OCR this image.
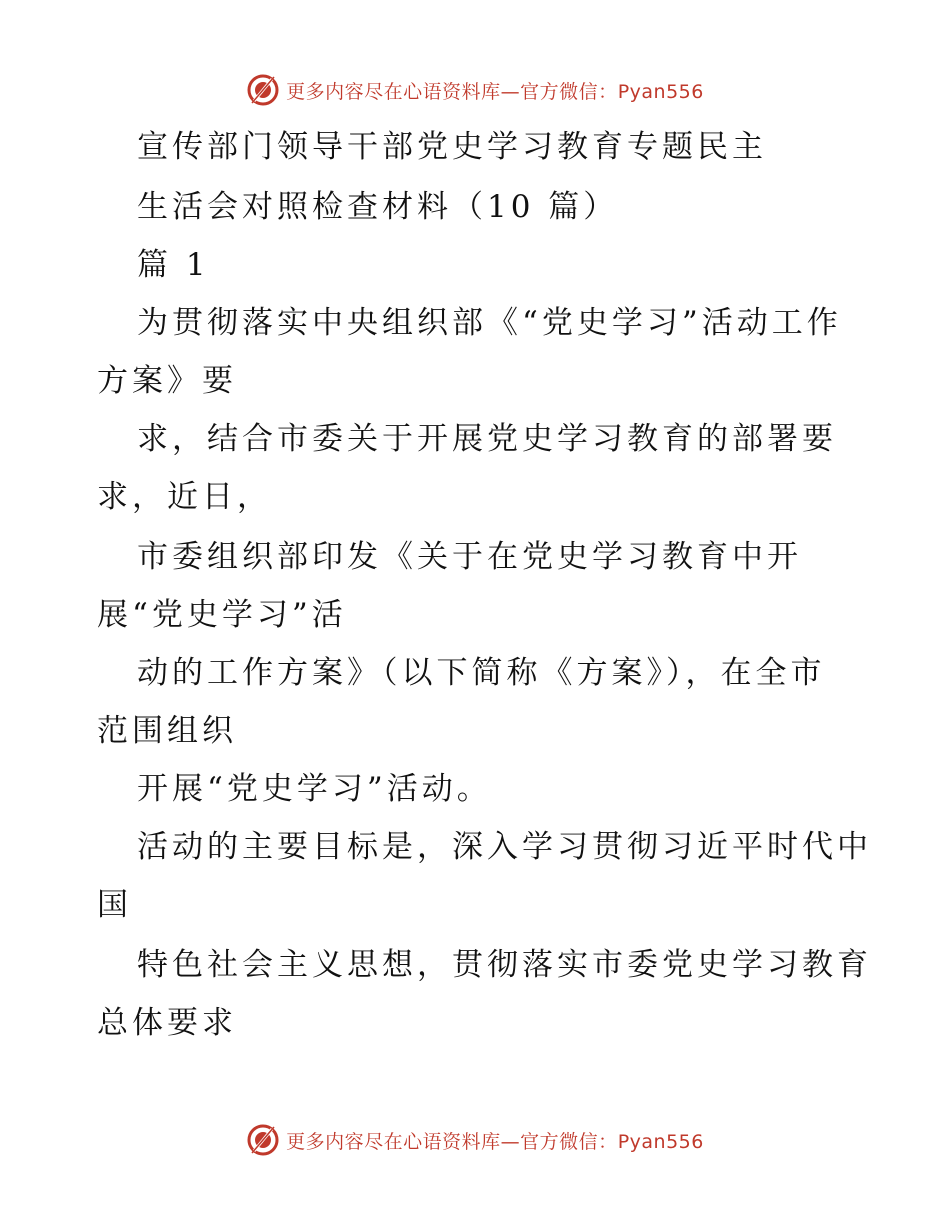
更多内容尽在心语资料库—官方微信：Pyan556
宣传部门领导干部党史学习教育专题民主
生活会对照检查材料（10 篇）
篇 1
为贯彻落实中央组织部《“党史学习”活动工作
方案》要
求，结合市委关于开展党史学习教育的部署要
求，近日，
市委组织部印发《关于在党史学习教育中开
展“党史学习”活
动的工作方案》（以下简称《方案》），在全市
范围组织
开展“党史学习”活动。
活动的主要目标是，深入学习贯彻习近平时代中
国
特色社会主义思想，贯彻落实市委党史学习教育
总体要求
更多内容尽在心语资料库—官方微信：Pyan556
